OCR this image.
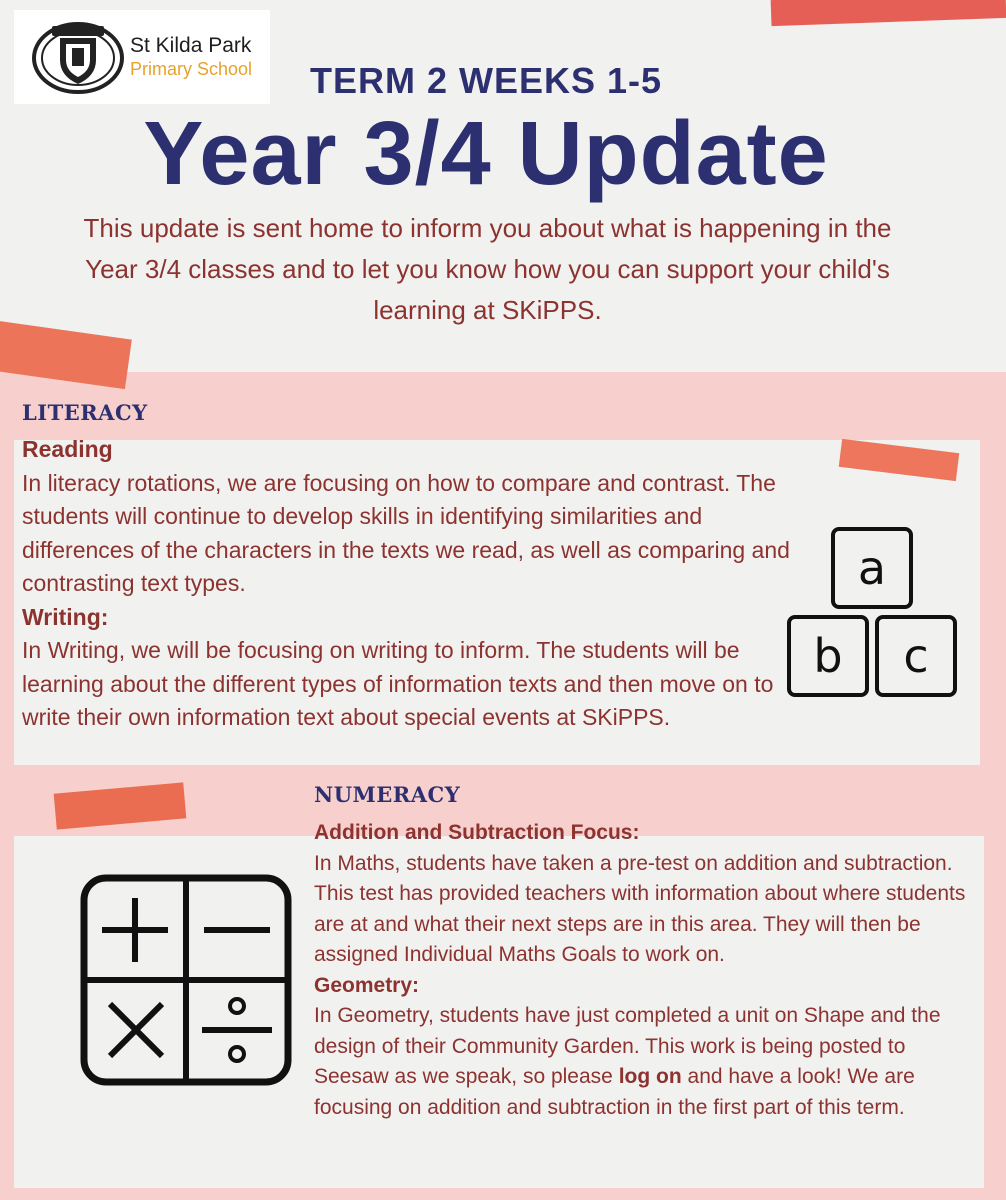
St Kilda Park
Primary School	TERM 2 WEEKS 1-5
Year 3/4 Update
This update is sent home to inform you about what is happening in the Year 3/4 classes and to let you know how you can support your child's learning at SKiPPS.
LITERACY
Reading
In literacy rotations, we are focusing on how to compare and contrast. The students will continue to develop skills in identifying similarities and differences of the characters in the texts we read, as well as comparing and contrasting text types.
Writing:
In Writing, we will be focusing on writing to inform. The students will be learning about the different types of information texts and then move on to write their own information text about special events at SKiPPS.
a
b c
NUMERACY
Addition and Subtraction Focus:
In Maths, students have taken a pre-test on addition and subtraction. This test has provided teachers with information about where students are at and what their next steps are in this area. They will then be assigned Individual Maths Goals to work on.
Geometry:
In Geometry, students have just completed a unit on Shape and the design of their Community Garden. This work is being posted to Seesaw as we speak, so please log on and have a look! We are focusing on addition and subtraction in the first part of this term.
